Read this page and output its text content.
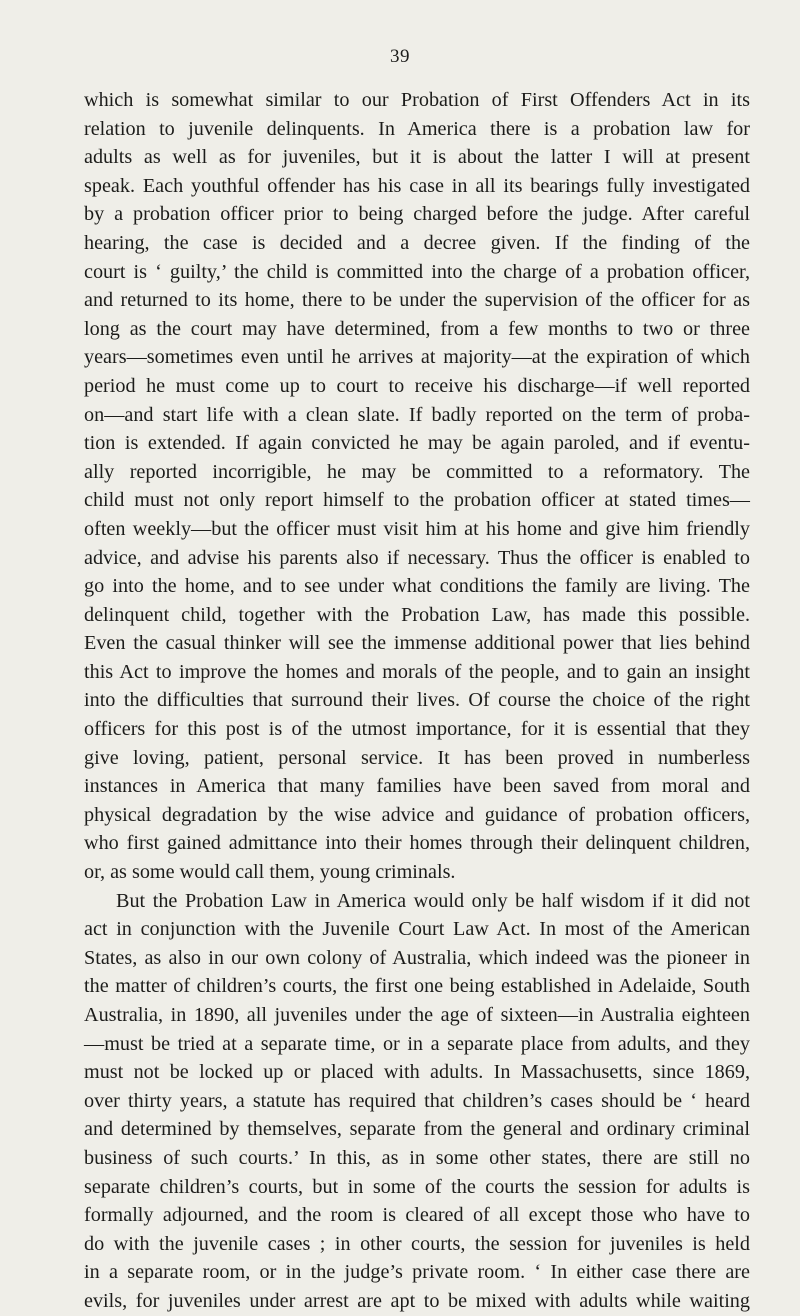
39
which is somewhat similar to our Probation of First Offenders Act in its
relation to juvenile delinquents. In America there is a probation law for
adults as well as for juveniles, but it is about the latter I will at present
speak. Each youthful offender has his case in all its bearings fully investigated
by a probation officer prior to being charged before the judge. After careful
hearing, the case is decided and a decree given. If the finding of the
court is ‘ guilty,’ the child is committed into the charge of a probation officer,
and returned to its home, there to be under the supervision of the officer for as
long as the court may have determined, from a few months to two or three
years—sometimes even until he arrives at majority—at the expiration of which
period he must come up to court to receive his discharge—if well reported
on—and start life with a clean slate. If badly reported on the term of proba-
tion is extended. If again convicted he may be again paroled, and if eventu-
ally reported incorrigible, he may be committed to a reformatory. The
child must not only report himself to the probation officer at stated times—
often weekly—but the officer must visit him at his home and give him friendly
advice, and advise his parents also if necessary. Thus the officer is enabled to
go into the home, and to see under what conditions the family are living. The
delinquent child, together with the Probation Law, has made this possible.
Even the casual thinker will see the immense additional power that lies behind
this Act to improve the homes and morals of the people, and to gain an insight
into the difficulties that surround their lives. Of course the choice of the right
officers for this post is of the utmost importance, for it is essential that they
give loving, patient, personal service. It has been proved in numberless
instances in America that many families have been saved from moral and
physical degradation by the wise advice and guidance of probation officers,
who first gained admittance into their homes through their delinquent children,
or, as some would call them, young criminals.
But the Probation Law in America would only be half wisdom if it did not
act in conjunction with the Juvenile Court Law Act. In most of the American
States, as also in our own colony of Australia, which indeed was the pioneer in
the matter of children’s courts, the first one being established in Adelaide, South
Australia, in 1890, all juveniles under the age of sixteen—in Australia eighteen
—must be tried at a separate time, or in a separate place from adults, and they
must not be locked up or placed with adults. In Massachusetts, since 1869,
over thirty years, a statute has required that children’s cases should be ‘ heard
and determined by themselves, separate from the general and ordinary criminal
business of such courts.’ In this, as in some other states, there are still no
separate children’s courts, but in some of the courts the session for adults is
formally adjourned, and the room is cleared of all except those who have to
do with the juvenile cases ; in other courts, the session for juveniles is held
in a separate room, or in the judge’s private room. ‘ In either case there are
evils, for juveniles under arrest are apt to be mixed with adults while waiting
